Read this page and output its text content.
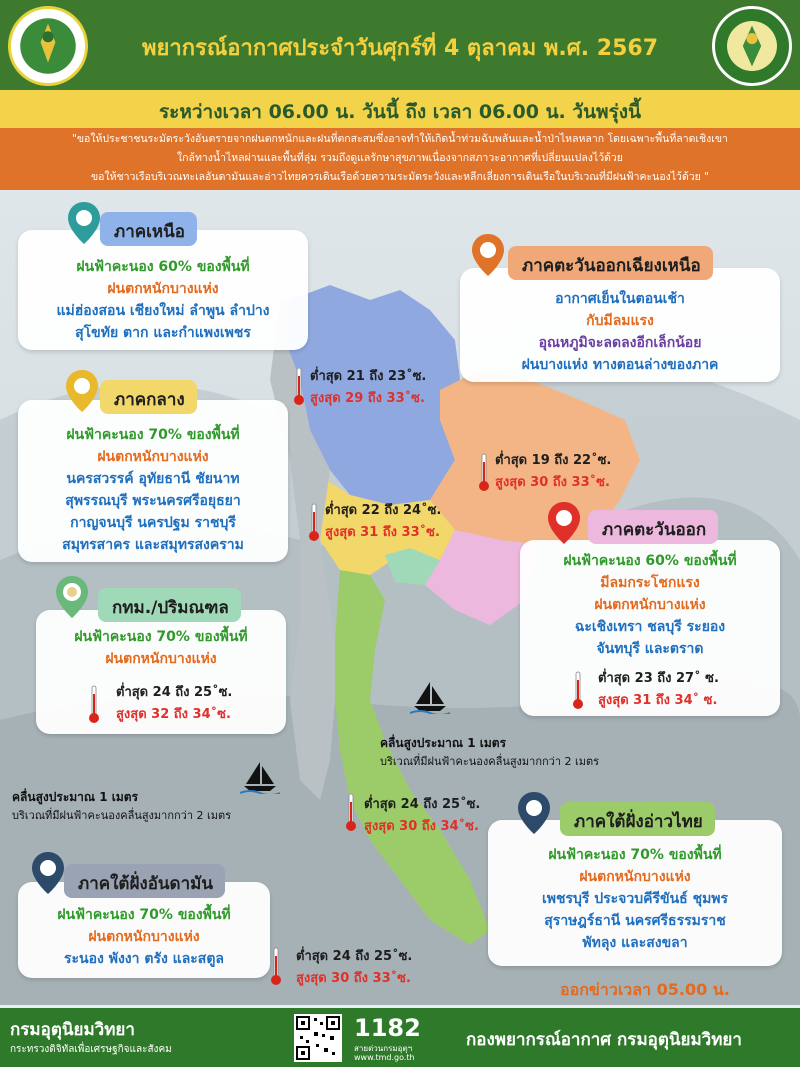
พยากรณ์อากาศประจำวันศุกร์ที่ 4 ตุลาคม พ.ศ. 2567
ระหว่างเวลา 06.00 น. วันนี้ ถึง เวลา 06.00 น. วันพรุ่งนี้
"ขอให้ประชาชนระมัดระวังอันตรายจากฝนตกหนักและฝนที่ตกสะสมซึ่งอาจทำให้เกิดน้ำท่วมฉับพลันและน้ำป่าไหลหลาก โดยเฉพาะพื้นที่ลาดเชิงเขา
ใกล้ทางน้ำไหลผ่านและพื้นที่ลุ่ม รวมถึงดูแลรักษาสุขภาพเนื่องจากสภาวะอากาศที่เปลี่ยนแปลงไว้ด้วย
ขอให้ชาวเรือบริเวณทะเลอันดามันและอ่าวไทยควรเดินเรือด้วยความระมัดระวังและหลีกเลี่ยงการเดินเรือในบริเวณที่มีฝนฟ้าคะนองไว้ด้วย "
ฝนฟ้าคะนอง 60% ของพื้นที่
ฝนตกหนักบางแห่ง
แม่ฮ่องสอน เชียงใหม่ ลำพูน ลำปาง
สุโขทัย ตาก และกำแพงเพชร
ภาคเหนือ
อากาศเย็นในตอนเช้า
กับมีลมแรง
อุณหภูมิจะลดลงอีกเล็กน้อย
ฝนบางแห่ง ทางตอนล่างของภาค
ภาคตะวันออกเฉียงเหนือ
ฝนฟ้าคะนอง 70% ของพื้นที่
ฝนตกหนักบางแห่ง
นครสวรรค์ อุทัยธานี ชัยนาท
สุพรรณบุรี พระนครศรีอยุธยา
กาญจนบุรี นครปฐม ราชบุรี
สมุทรสาคร และสมุทรสงคราม
ภาคกลาง
ฝนฟ้าคะนอง 60% ของพื้นที่
มีลมกระโชกแรง
ฝนตกหนักบางแห่ง
ฉะเชิงเทรา ชลบุรี ระยอง
จันทบุรี และตราด
ภาคตะวันออก
ฝนฟ้าคะนอง 70% ของพื้นที่
ฝนตกหนักบางแห่ง
กทม./ปริมณฑล
ฝนฟ้าคะนอง 70% ของพื้นที่
ฝนตกหนักบางแห่ง
เพชรบุรี ประจวบคีรีขันธ์ ชุมพร
สุราษฎร์ธานี นครศรีธรรมราช
พัทลุง และสงขลา
ภาคใต้ฝั่งอ่าวไทย
ฝนฟ้าคะนอง 70% ของพื้นที่
ฝนตกหนักบางแห่ง
ระนอง พังงา ตรัง และสตูล
ภาคใต้ฝั่งอันดามัน
ต่ำสุด 21 ถึง 23˚ซ.
สูงสุด 29 ถึง 33˚ซ.
ต่ำสุด 19 ถึง 22˚ซ.
สูงสุด 30 ถึง 33˚ซ.
ต่ำสุด 22 ถึง 24˚ซ.
สูงสุด 31 ถึง 33˚ซ.
ต่ำสุด 23 ถึง 27˚ ซ.
สูงสุด 31 ถึง 34˚ ซ.
ต่ำสุด 24 ถึง 25˚ซ.
สูงสุด 32 ถึง 34˚ซ.
ต่ำสุด 24 ถึง 25˚ซ.
สูงสุด 30 ถึง 34˚ซ.
ต่ำสุด 24 ถึง 25˚ซ.
สูงสุด 30 ถึง 33˚ซ.
คลื่นสูงประมาณ 1 เมตร
บริเวณที่มีฝนฟ้าคะนองคลื่นสูงมากกว่า 2 เมตร
คลื่นสูงประมาณ 1 เมตร
บริเวณที่มีฝนฟ้าคะนองคลื่นสูงมากกว่า 2 เมตร
ออกข่าวเวลา 05.00 น.
กรมอุตุนิยมวิทยา
กระทรวงดิจิทัลเพื่อเศรษฐกิจและสังคม
1182
สายด่วนกรมอุตุฯ
www.tmd.go.th
กองพยากรณ์อากาศ กรมอุตุนิยมวิทยา
